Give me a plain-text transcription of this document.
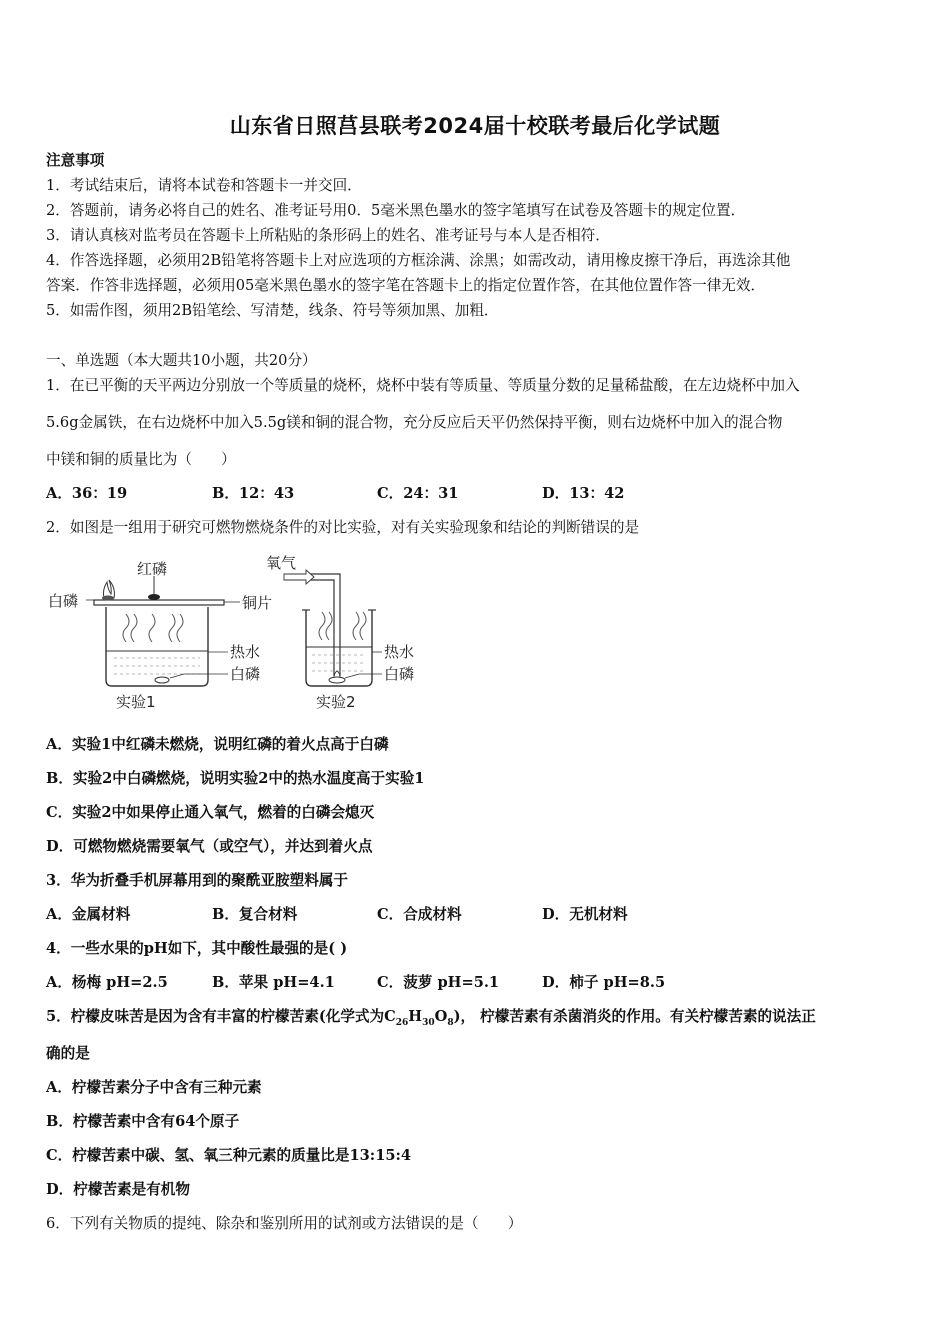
山东省日照莒县联考2024届十校联考最后化学试题
注意事项
1．考试结束后，请将本试卷和答题卡一并交回．
2．答题前，请务必将自己的姓名、准考证号用0．5毫米黑色墨水的签字笔填写在试卷及答题卡的规定位置．
3．请认真核对监考员在答题卡上所粘贴的条形码上的姓名、准考证号与本人是否相符．
4．作答选择题，必须用2B铅笔将答题卡上对应选项的方框涂满、涂黑；如需改动，请用橡皮擦干净后，再选涂其他
答案．作答非选择题，必须用05毫米黑色墨水的签字笔在答题卡上的指定位置作答，在其他位置作答一律无效．
5．如需作图，须用2B铅笔绘、写清楚，线条、符号等须加黑、加粗．
一、单选题（本大题共10小题，共20分）
1．在已平衡的天平两边分别放一个等质量的烧杯，烧杯中装有等质量、等质量分数的足量稀盐酸，在左边烧杯中加入
5.6g金属铁，在右边烧杯中加入5.5g镁和铜的混合物，充分反应后天平仍然保持平衡，则右边烧杯中加入的混合物
中镁和铜的质量比为（　　）
A．36：19	B．12：43	C．24：31	D．13：42
2．如图是一组用于研究可燃物燃烧条件的对比实验，对有关实验现象和结论的判断错误的是
红磷
白磷	铜片
热水
白磷
实验1
氧气
热水
白磷
实验2
A．实验1中红磷未燃烧，说明红磷的着火点高于白磷
B．实验2中白磷燃烧，说明实验2中的热水温度高于实验1
C．实验2中如果停止通入氧气，燃着的白磷会熄灭
D．可燃物燃烧需要氧气（或空气），并达到着火点
3．华为折叠手机屏幕用到的聚酰亚胺塑料属于
A．金属材料	B．复合材料	C．合成材料	D．无机材料
4．一些水果的pH如下，其中酸性最强的是( )
A．杨梅 pH=2.5	B．苹果 pH=4.1	C．菠萝 pH=5.1	D．柿子 pH=8.5
5．柠檬皮味苦是因为含有丰富的柠檬苦素(化学式为$C_{26}H_{30}O_8$)， 柠檬苦素有杀菌消炎的作用。有关柠檬苦素的说法正
确的是
A．柠檬苦素分子中含有三种元素
B．柠檬苦素中含有64个原子
C．柠檬苦素中碳、氢、氧三种元素的质量比是13:15:4
D．柠檬苦素是有机物
6．下列有关物质的提纯、除杂和鉴别所用的试剂或方法错误的是（　　）
